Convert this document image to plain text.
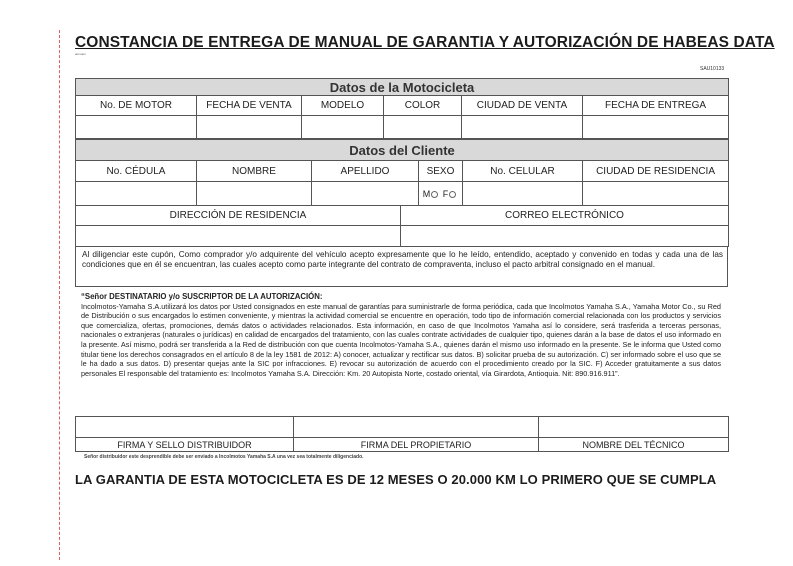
CONSTANCIA DE ENTREGA DE MANUAL DE GARANTIA Y AUTORIZACIÓN DE HABEAS DATA
ammam
SAU10133
Datos de la Motocicleta					
No. DE MOTOR	FECHA DE VENTA	MODELO	COLOR	CIUDAD DE VENTA	FECHA DE ENTREGA

Datos del Cliente					
No. CÉDULA	NOMBRE	APELLIDO	SEXO	No. CELULAR	CIUDAD DE RESIDENCIA
			M F		
DIRECCIÓN DE RESIDENCIA	CORREO ELECTRÓNICO

Al diligenciar este cupón, Como comprador y/o adquirente del vehículo acepto expresamente que lo he leído, entendido, aceptado y convenido en todas y cada una de las condiciones que en él se encuentran, las cuales acepto como parte integrante del contrato de compraventa, incluso el pacto arbitral consignado en el manual.
“Señor DESTINATARIO y/o SUSCRIPTOR DE LA AUTORIZACIÓN:
Incolmotos-Yamaha S.A.utilizará los datos por Usted consignados en este manual de garantías para suministrarle de forma periódica, cada que Incolmotos Yamaha S.A., Yamaha Motor Co., su Red de Distribución o sus encargados lo estimen conveniente, y mientras la actividad comercial se encuentre en operación, todo tipo de información comercial relacionada con los productos y servicios que comercializa, ofertas, promociones, demás datos o actividades relacionados. Esta información, en caso de que Incolmotos Yamaha así lo considere, será trasferida a terceras personas, nacionales o extranjeras (naturales o jurídicas) en calidad de encargados del tratamiento, con las cuales contrate actividades de cualquier tipo, quienes darán a la base de datos el uso informado en la presente. Así mismo, podrá ser transferida a la Red de distribución con que cuenta Incolmotos-Yamaha S.A., quienes darán el mismo uso informado en la presente. Se le informa que Usted como titular tiene los derechos consagrados en el artículo 8 de la ley 1581 de 2012: A) conocer, actualizar y rectificar sus datos. B) solicitar prueba de su autorización. C) ser informado sobre el uso que se le ha dado a sus datos. D) presentar quejas ante la SIC por infracciones. E) revocar su autorización de acuerdo con el procedimiento creado por la SIC. F) Acceder gratuitamente a sus datos personales El responsable del tratamiento es: Incolmotos Yamaha S.A. Dirección: Km. 20 Autopista Norte, costado oriental, vía Girardota, Antioquia. Nit: 890.916.911”.

FIRMA Y SELLO DISTRIBUIDOR	FIRMA DEL PROPIETARIO	NOMBRE DEL TÉCNICO
Señor distribuidor este desprendible debe ser enviado a Incolmotos Yamaha S.A una vez sea totalmente diligenciado.
LA GARANTIA DE ESTA MOTOCICLETA ES DE 12 MESES O 20.000 KM LO PRIMERO QUE SE CUMPLA
